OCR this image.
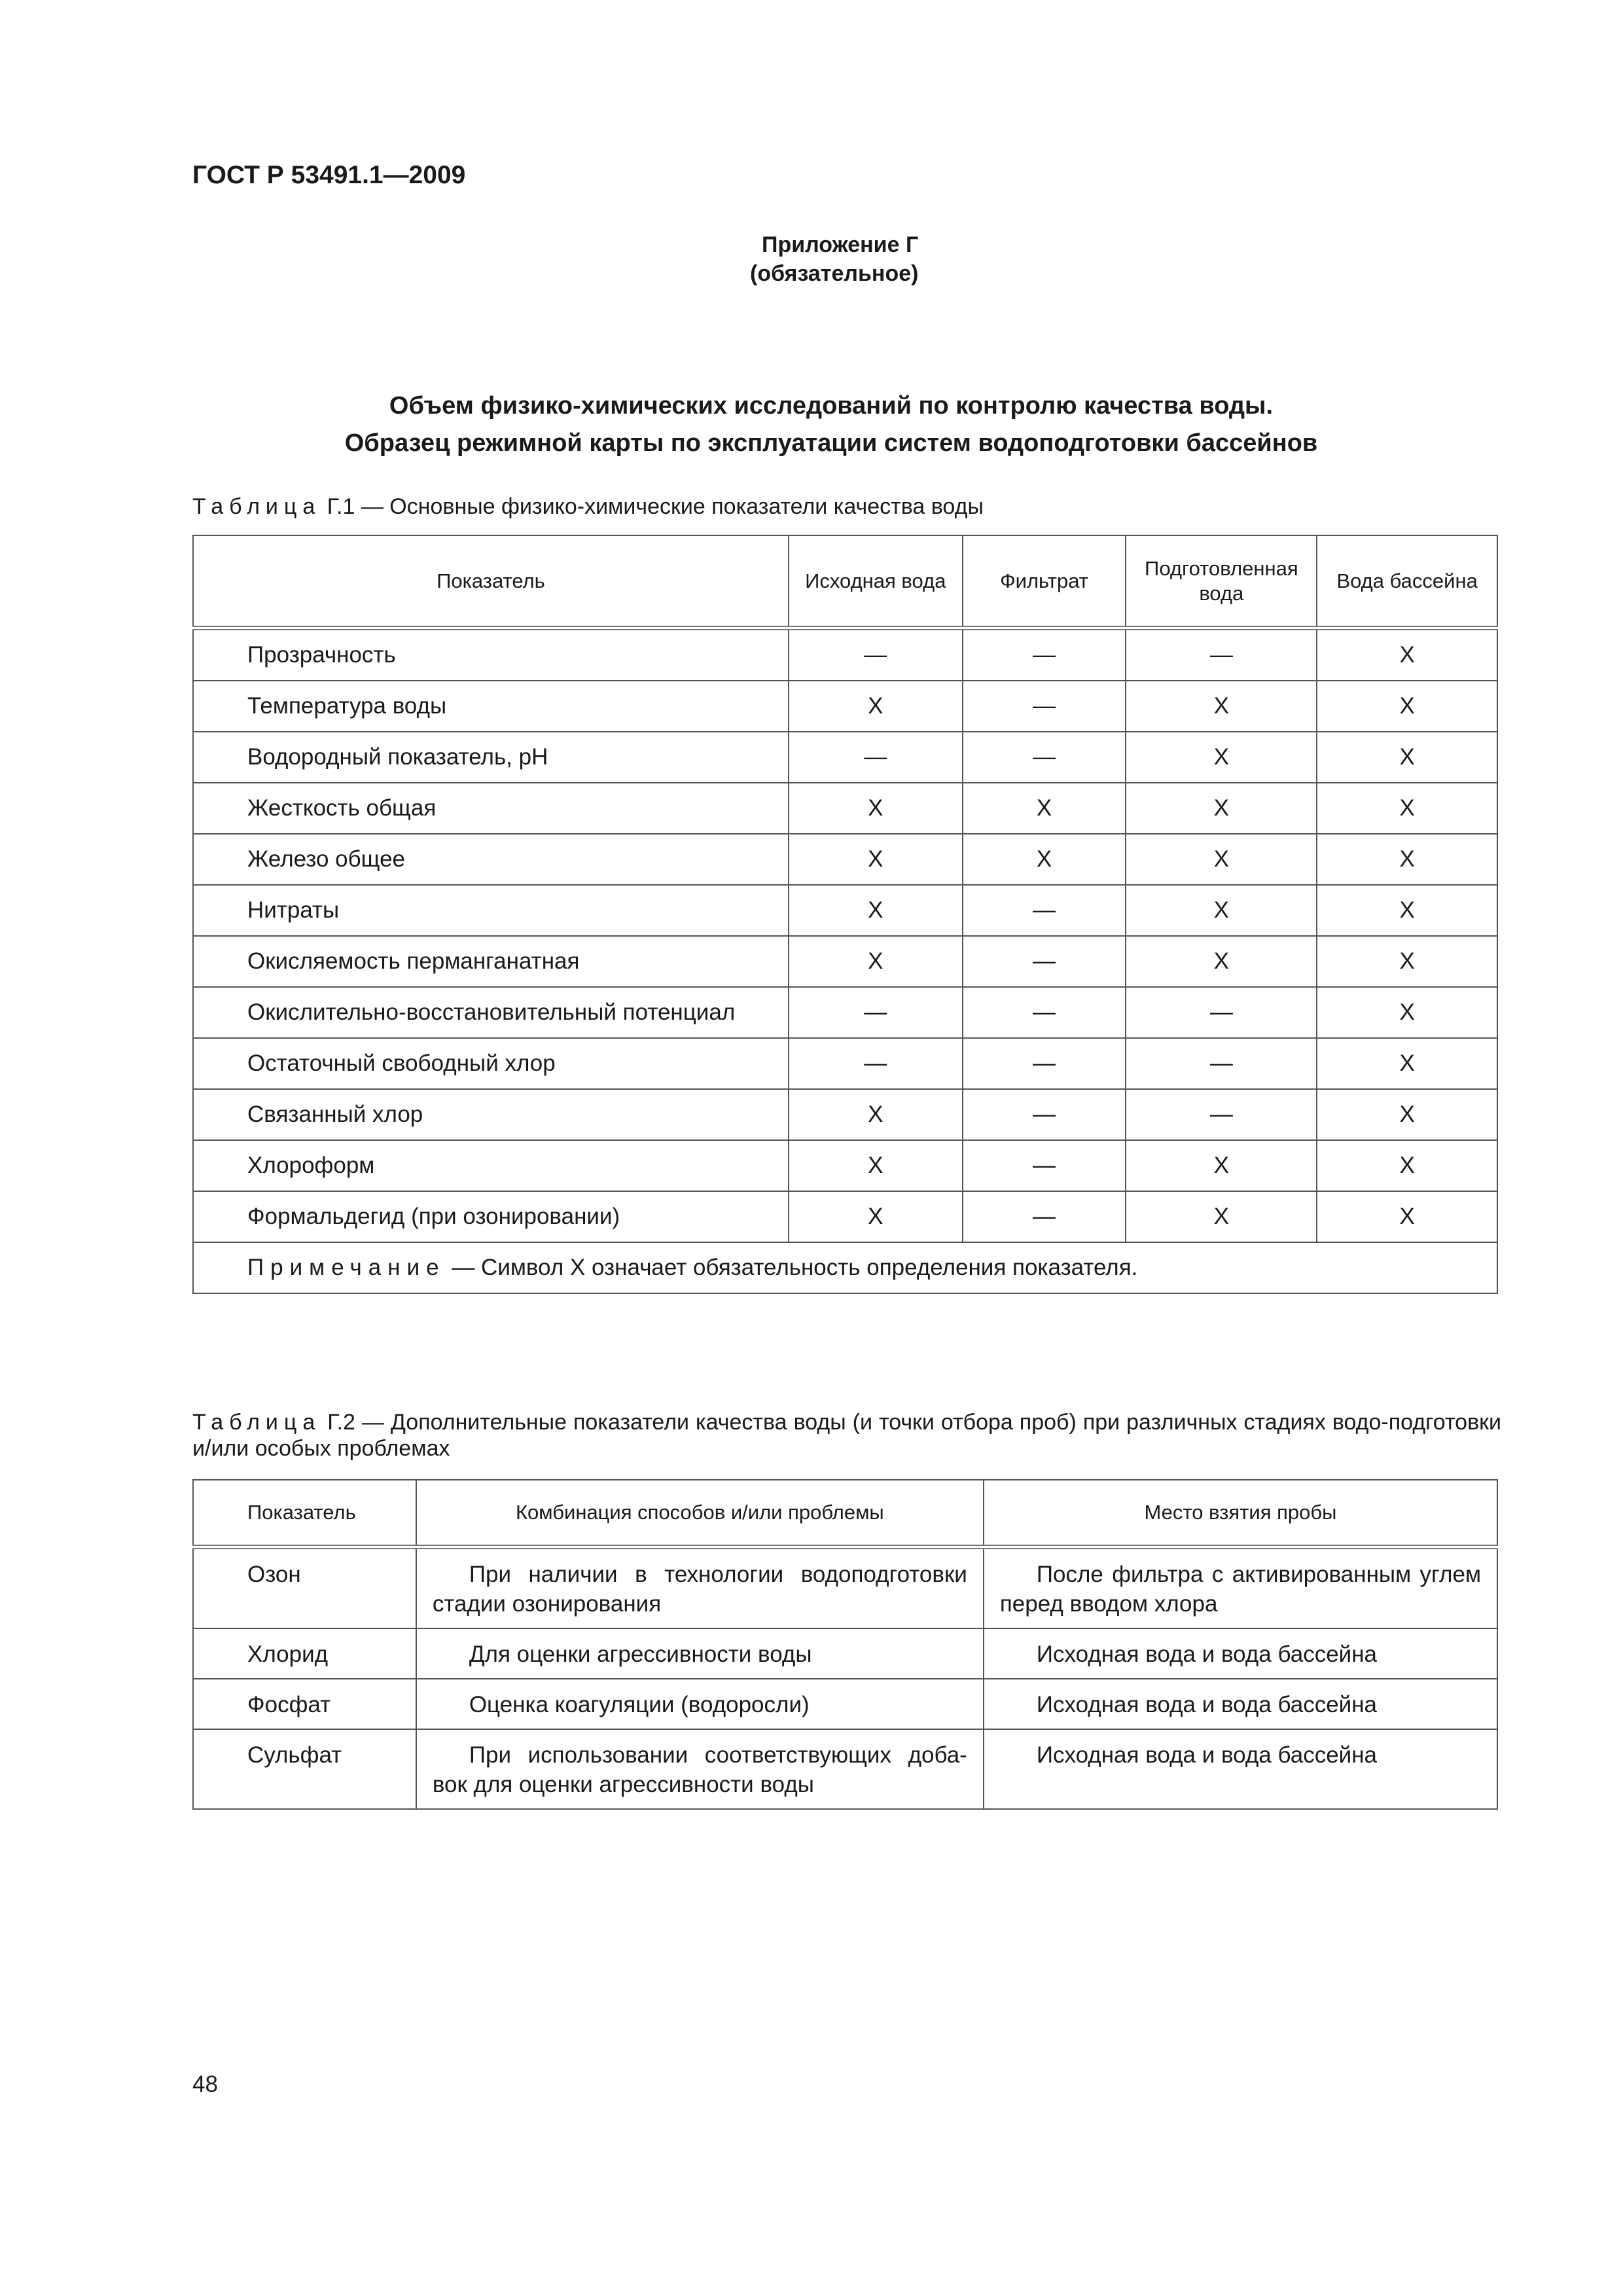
ГОСТ Р 53491.1—2009
Приложение Г
(обязательное)
Объем физико-химических исследований по контролю качества воды.
Образец режимной карты по эксплуатации систем водоподготовки бассейнов
Таблица Г.1 — Основные физико-химические показатели качества воды
Показатель	Исходная вода	Фильтрат	Подготовленная вода	Вода бассейна
Прозрачность	—	—	—	X
Температура воды	X	—	X	X
Водородный показатель, pH	—	—	X	X
Жесткость общая	X	X	X	X
Железо общее	X	X	X	X
Нитраты	X	—	X	X
Окисляемость перманганатная	X	—	X	X
Окислительно-восстановительный потенциал	—	—	—	X
Остаточный свободный хлор	—	—	—	X
Связанный хлор	X	—	—	X
Хлороформ	X	—	X	X
Формальдегид (при озонировании)	X	—	X	X
Примечание — Символ X означает обязательность определения показателя.				
Таблица Г.2 — Дополнительные показатели качества воды (и точки отбора проб) при различных стадиях водо-подготовки и/или особых проблемах
Показатель	Комбинация способов и/или проблемы	Место взятия пробы
Озон	При наличии в технологии водоподготовки стадии озонирования	После фильтра с активированным углем перед вводом хлора
Хлорид	Для оценки агрессивности воды	Исходная вода и вода бассейна
Фосфат	Оценка коагуляции (водоросли)	Исходная вода и вода бассейна
Сульфат	При использовании соответствующих доба-вок для оценки агрессивности воды	Исходная вода и вода бассейна
48
